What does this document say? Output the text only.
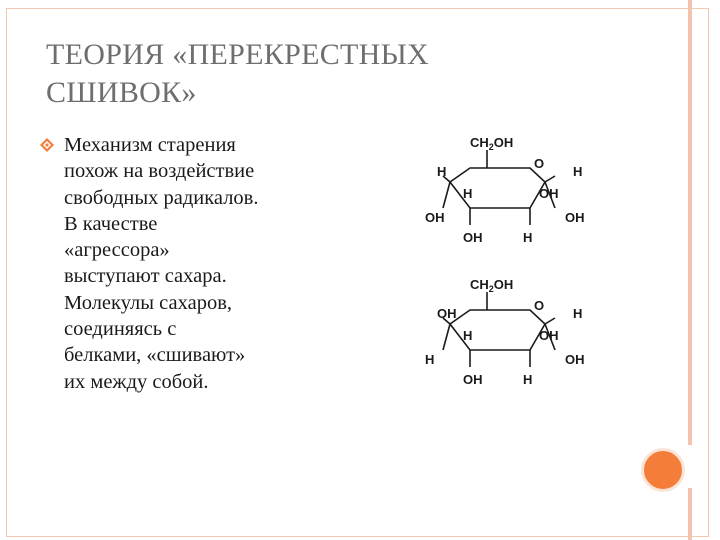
ТЕОРИЯ «ПЕРЕКРЕСТНЫХ
СШИВОК»

Механизм старения
похож на воздействие
свободных радикалов.
В качестве
«агрессора»
выступают сахара.
Молекулы сахаров,
соединяясь с
белками, «сшивают»
их между собой.

$CH_2OH$
O
H
OH
H
OH
OH
H
H
OH
$CH_2OH$
O
OH
H
H
OH
OH
H
H
OH
